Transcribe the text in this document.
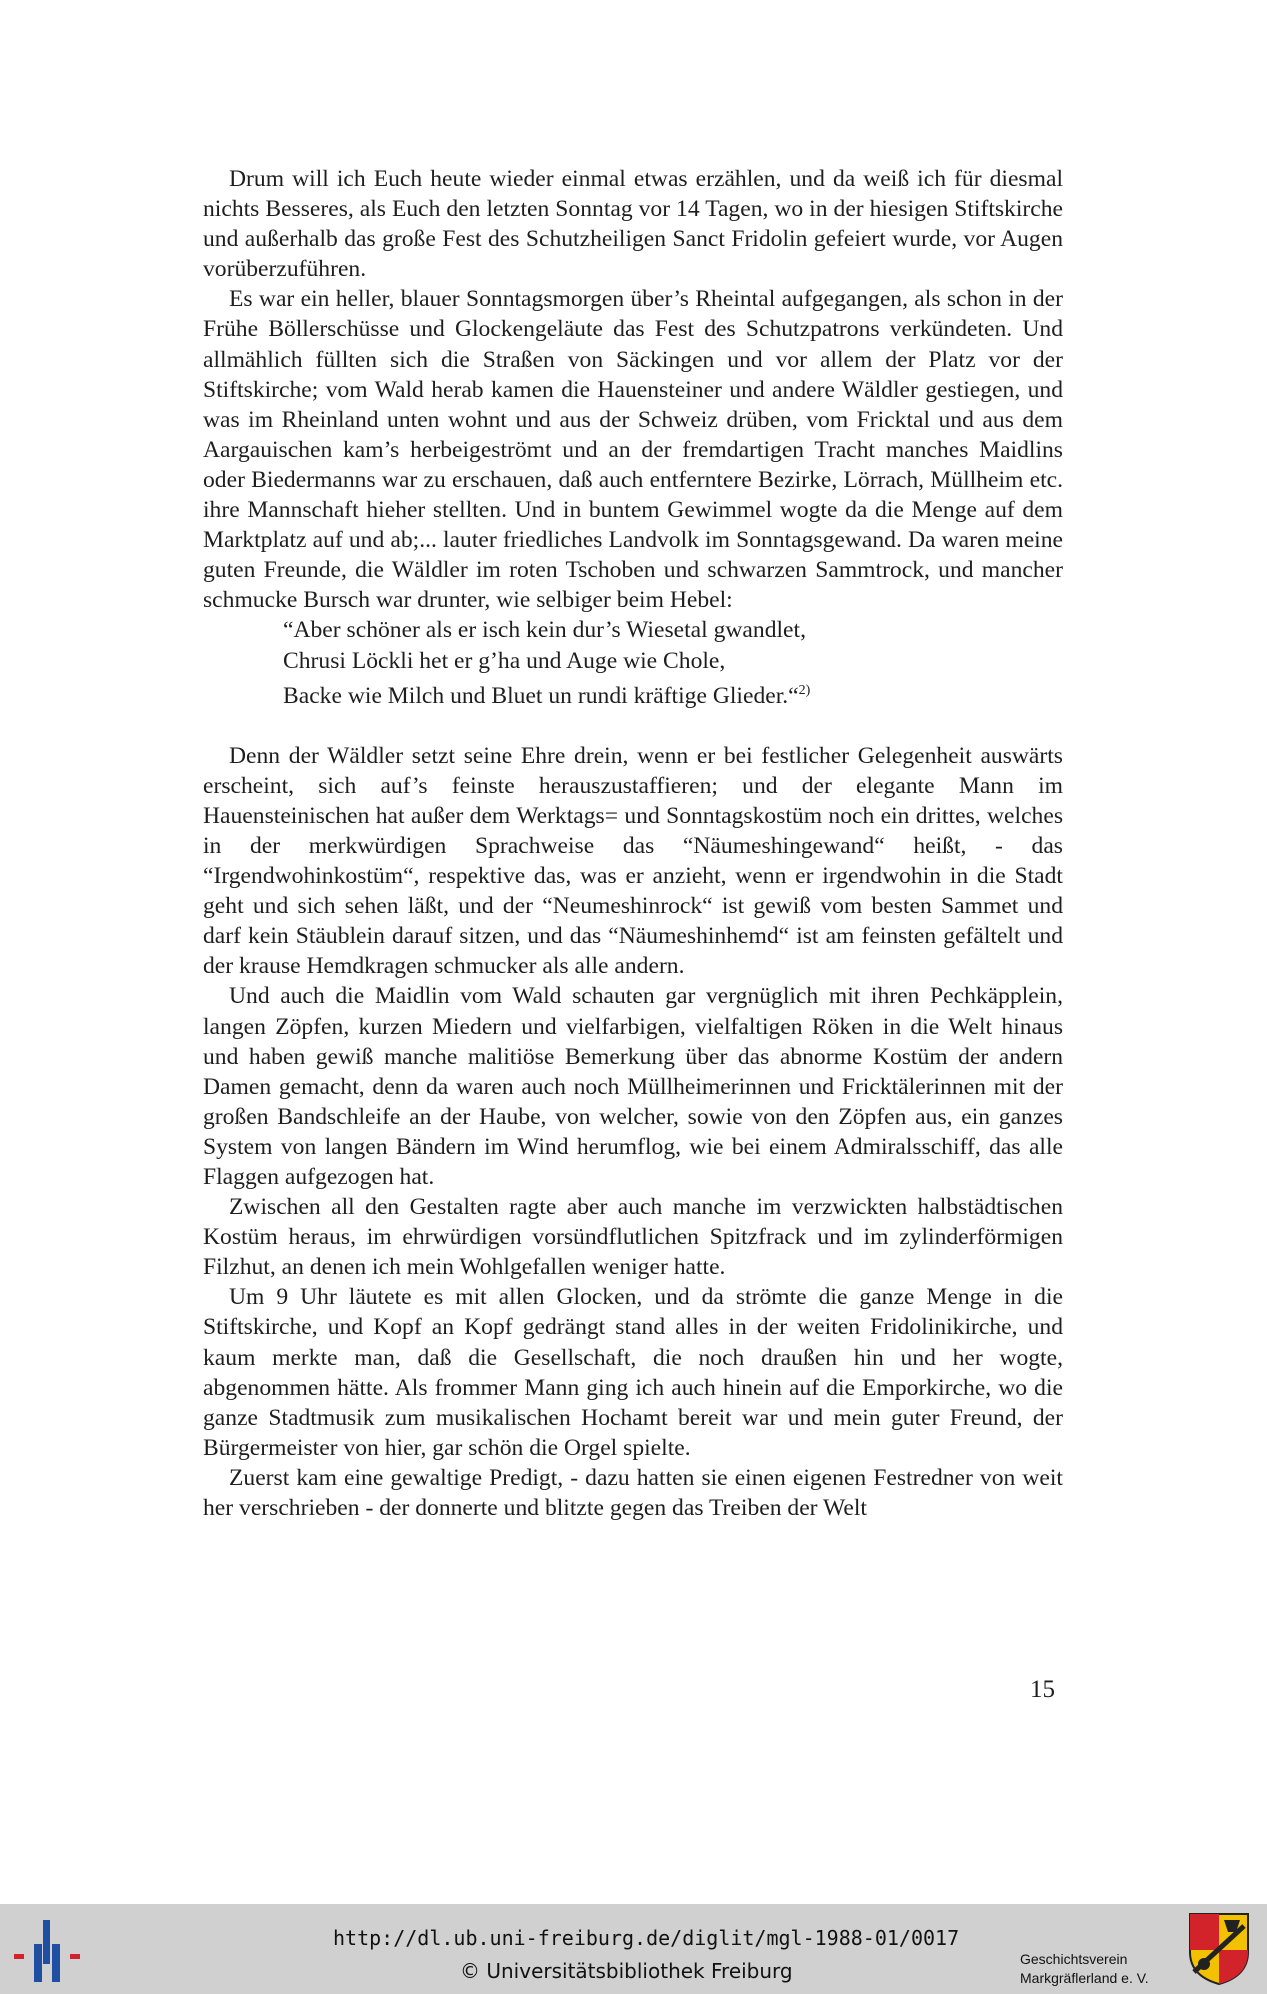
Drum will ich Euch heute wieder einmal etwas erzählen, und da weiß ich für diesmal nichts Besseres, als Euch den letzten Sonntag vor 14 Tagen, wo in der hiesigen Stiftskirche und außerhalb das große Fest des Schutzheiligen Sanct Fridolin gefeiert wurde, vor Augen vorüberzuführen.

Es war ein heller, blauer Sonntagsmorgen über’s Rheintal aufgegangen, als schon in der Frühe Böllerschüsse und Glockengeläute das Fest des Schutzpatrons verkündeten. Und allmählich füllten sich die Straßen von Säckingen und vor allem der Platz vor der Stiftskirche; vom Wald herab kamen die Hauensteiner und andere Wäldler gestiegen, und was im Rheinland unten wohnt und aus der Schweiz drüben, vom Fricktal und aus dem Aargauischen kam’s herbeigeströmt und an der fremdartigen Tracht manches Maidlins oder Biedermanns war zu erschauen, daß auch entferntere Bezirke, Lörrach, Müllheim etc. ihre Mannschaft hieher stellten. Und in buntem Gewimmel wogte da die Menge auf dem Marktplatz auf und ab;... lauter friedliches Landvolk im Sonntagsgewand. Da waren meine guten Freunde, die Wäldler im roten Tschoben und schwarzen Sammtrock, und mancher schmucke Bursch war drunter, wie selbiger beim Hebel:

“Aber schöner als er isch kein dur’s Wiesetal gwandlet,
Chrusi Löckli het er g’ha und Auge wie Chole,
Backe wie Milch und Bluet un rundi kräftige Glieder.“$^{2)}$

Denn der Wäldler setzt seine Ehre drein, wenn er bei festlicher Gelegenheit auswärts erscheint, sich auf’s feinste herauszustaffieren; und der elegante Mann im Hauensteinischen hat außer dem Werktags= und Sonntagskostüm noch ein drittes, welches in der merkwürdigen Sprachweise das “Näumeshingewand“ heißt, - das “Irgendwohinkostüm“, respektive das, was er anzieht, wenn er irgendwohin in die Stadt geht und sich sehen läßt, und der “Neumeshinrock“ ist gewiß vom besten Sammet und darf kein Stäublein darauf sitzen, und das “Näumeshinhemd“ ist am feinsten gefältelt und der krause Hemdkragen schmucker als alle andern.

Und auch die Maidlin vom Wald schauten gar vergnüglich mit ihren Pechkäpplein, langen Zöpfen, kurzen Miedern und vielfarbigen, vielfaltigen Röken in die Welt hinaus und haben gewiß manche malitiöse Bemerkung über das abnorme Kostüm der andern Damen gemacht, denn da waren auch noch Müllheimerinnen und Fricktälerinnen mit der großen Bandschleife an der Haube, von welcher, sowie von den Zöpfen aus, ein ganzes System von langen Bändern im Wind herumflog, wie bei einem Admiralsschiff, das alle Flaggen aufgezogen hat.

Zwischen all den Gestalten ragte aber auch manche im verzwickten halbstädtischen Kostüm heraus, im ehrwürdigen vorsündflutlichen Spitzfrack und im zylinderförmigen Filzhut, an denen ich mein Wohlgefallen weniger hatte.

Um 9 Uhr läutete es mit allen Glocken, und da strömte die ganze Menge in die Stiftskirche, und Kopf an Kopf gedrängt stand alles in der weiten Fridolinikirche, und kaum merkte man, daß die Gesellschaft, die noch draußen hin und her wogte, abgenommen hätte. Als frommer Mann ging ich auch hinein auf die Emporkirche, wo die ganze Stadtmusik zum musikalischen Hochamt bereit war und mein guter Freund, der Bürgermeister von hier, gar schön die Orgel spielte.

Zuerst kam eine gewaltige Predigt, - dazu hatten sie einen eigenen Festredner von weit her verschrieben - der donnerte und blitzte gegen das Treiben der Welt

15
http://dl.ub.uni-freiburg.de/diglit/mgl-1988-01/0017
© Universitätsbibliothek Freiburg	Geschichtsverein
Markgräflerland e. V.
